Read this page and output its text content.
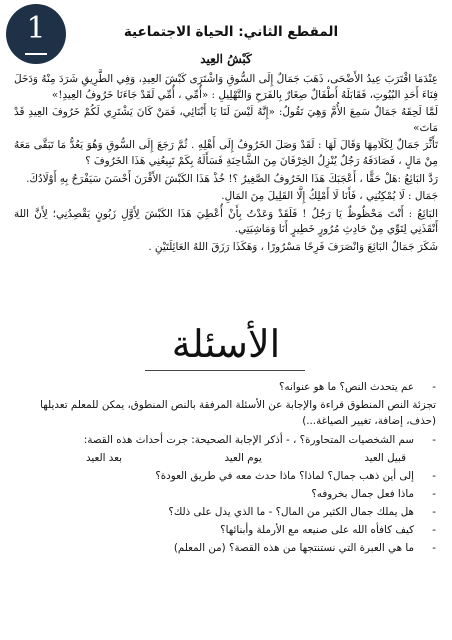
1	المقطع الثاني: الحياة الاجتماعية
كَبْشُ العِيد

عِنْدَمَا اقْتَرَبَ عِيدُ الأَضْحَى، ذَهَبَ جَمَالٌ إِلَى السُّوقِ وَاشْتَرَى كَبْشَ العِيدِ، وَفِي الطَّرِيقِ شَرَدَ مِنْهُ وَدَخَلَ فِنَاءَ أَحَدِ البُيُوتِ، فَقَابَلَهُ أَطْفَالٌ صِغَارٌ بِالفَرَحِ وَالتَّهْلِيلِ : «أُمِّي ، أُمِّي لَقَدْ جَاءَنَا خَرُوفُ العِيدِ!»

لَمَّا لَحِقَهُ جَمَالٌ سَمِعَ الأُمَّ وَهِيَ تَقُولُ: «إِنَّهُ لَيْسَ لَنَا يَا أَبْنَائِي، فَمَنْ كَانَ يَشْتَرِي لَكُمْ خَرُوفَ العِيدِ قَدْ مَاتَ»

تَأَثَّرَ جَمَالٌ لِكَلَامِهَا وَقَالَ لَهَا : لَقَدْ وَصَلَ الخَرُوفُ إِلَى أَهْلِهِ . ثُمَّ رَجَعَ إِلَى السُّوقِ وَهُوَ يَعُدُّ مَا تَبَقَّى مَعَهُ مِنْ مَالٍ ، فَصَادَفَهُ رَجُلٌ يُنْزِلُ الخِرْفَانَ مِنَ الشَّاحِنَةِ فَسَأَلَهُ بِكَمْ تَبِيعُنِي هَذَا الخَرُوفَ ؟

رَدَّ البَائِعُ :هَلْ حَقًّا ، أَعْجَبَكَ هَذَا الخَرُوفُ الصَّغِيرُ ؟! خُذْ هَذَا الكَبْشَ الأَقْرَنَ أَحْسَنَ سَيَفْرَحُ بِهِ أَوْلَادُكَ.

جَمَال : لَا يُمْكِنُنِي ، فَأَنَا لَا أَمْلِكُ إِلَّا القَلِيلَ مِنَ المَالِ.

البَائِعُ : أَنْتَ مَحْظُوظٌ يَا رَجُلُ ! فَلَقَدْ وَعَدْتُ بِأَنْ أُعْطِيَ هَذَا الكَبْشَ لِأَوَّلِ زَبُونٍ يَقْصِدُنِي؛ لِأَنَّ اللهَ أَنْقَذَنِي لِتَوِّي مِنْ حَادِثِ مُرُورٍ خَطِيرٍ أَنَا وَمَاشِيَتِي.

شَكَرَ جَمَالٌ البَائِعَ وَانْصَرَفَ فَرِحًا مَسْرُورًا ، وَهَكَذَا رَزَقَ اللهُ العَائِلَتَيْنِ .

الأسئلة
-عم يتحدث النص؟ ما هو عنوانه؟
تجزئة النص المنطوق قراءة والإجابة عن الأسئلة المرفقة بالنص المنطوق، يمكن للمعلم تعديلها (حذف، إضافة، تغيير الصياغة...)
-سم الشخصيات المتحاورة؟ ، - أذكر الإجابة الصحيحة: جرت أحداث هذه القصة:
قبيل العيد
يوم العيد
بعد العيد
-إلى أين ذهب جمال؟ لماذا؟ ماذا حدث معه في طريق العودة؟
-ماذا فعل جمال بخروفه؟
-هل يملك جمال الكثير من المال؟ - ما الذي يدل على ذلك؟
-كيف كافأه الله على صنيعه مع الأرملة وأبنائها؟
-ما هي العبرة التي نستنتجها من هذه القصة؟ (من المعلم)
